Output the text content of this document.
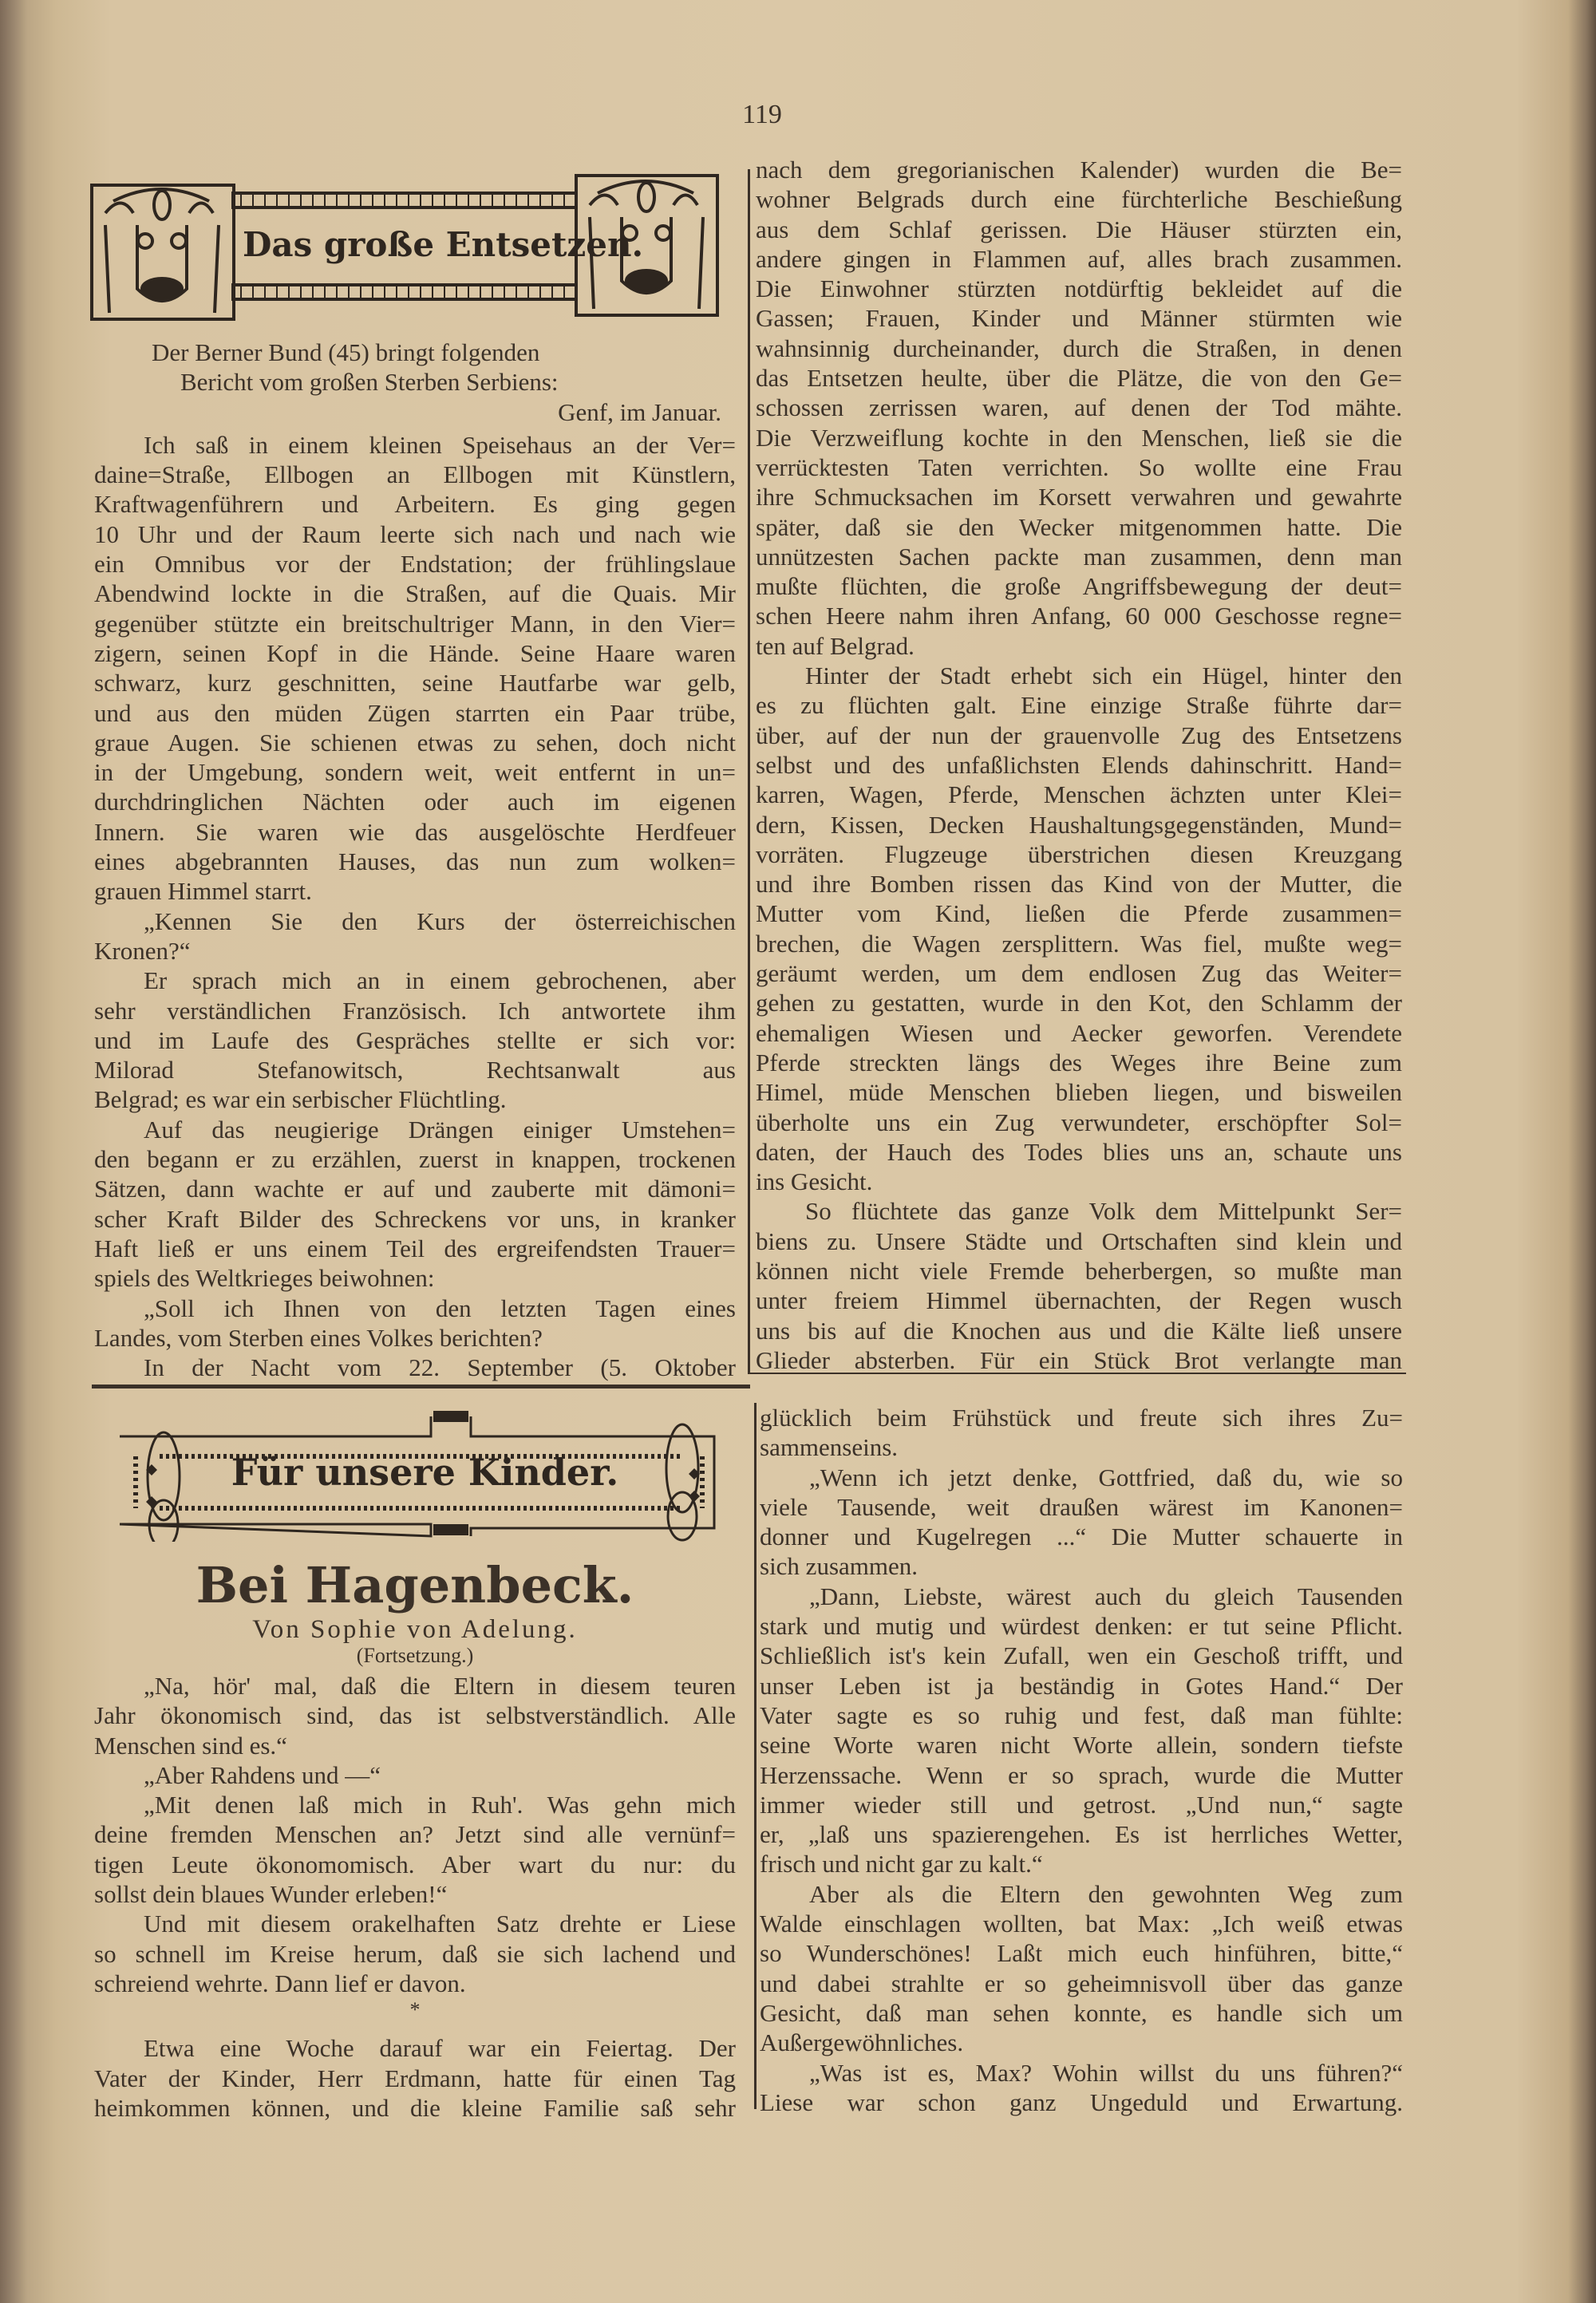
119
Das große Entsetzen.
Der Berner Bund (45) bringt folgenden
Bericht vom großen Sterben Serbiens:
Genf, im Januar.
Ich saß in einem kleinen Speisehaus an der Ver=
daine=Straße, Ellbogen an Ellbogen mit Künstlern,
Kraftwagenführern und Arbeitern. Es ging gegen
10 Uhr und der Raum leerte sich nach und nach wie
ein Omnibus vor der Endstation; der frühlingslaue
Abendwind lockte in die Straßen, auf die Quais. Mir
gegenüber stützte ein breitschultriger Mann, in den Vier=
zigern, seinen Kopf in die Hände. Seine Haare waren
schwarz, kurz geschnitten, seine Hautfarbe war gelb,
und aus den müden Zügen starrten ein Paar trübe,
graue Augen. Sie schienen etwas zu sehen, doch nicht
in der Umgebung, sondern weit, weit entfernt in un=
durchdringlichen Nächten oder auch im eigenen
Innern. Sie waren wie das ausgelöschte Herdfeuer
eines abgebrannten Hauses, das nun zum wolken=
grauen Himmel starrt.
„Kennen Sie den Kurs der österreichischen
Kronen?“
Er sprach mich an in einem gebrochenen, aber
sehr verständlichen Französisch. Ich antwortete ihm
und im Laufe des Gespräches stellte er sich vor:
Milorad Stefanowitsch, Rechtsanwalt aus
Belgrad; es war ein serbischer Flüchtling.
Auf das neugierige Drängen einiger Umstehen=
den begann er zu erzählen, zuerst in knappen, trockenen
Sätzen, dann wachte er auf und zauberte mit dämoni=
scher Kraft Bilder des Schreckens vor uns, in kranker
Haft ließ er uns einem Teil des ergreifendsten Trauer=
spiels des Weltkrieges beiwohnen:
„Soll ich Ihnen von den letzten Tagen eines
Landes, vom Sterben eines Volkes berichten?
In der Nacht vom 22. September (5. Oktober
nach dem gregorianischen Kalender) wurden die Be=
wohner Belgrads durch eine fürchterliche Beschießung
aus dem Schlaf gerissen. Die Häuser stürzten ein,
andere gingen in Flammen auf, alles brach zusammen.
Die Einwohner stürzten notdürftig bekleidet auf die
Gassen; Frauen, Kinder und Männer stürmten wie
wahnsinnig durcheinander, durch die Straßen, in denen
das Entsetzen heulte, über die Plätze, die von den Ge=
schossen zerrissen waren, auf denen der Tod mähte.
Die Verzweiflung kochte in den Menschen, ließ sie die
verrücktesten Taten verrichten. So wollte eine Frau
ihre Schmucksachen im Korsett verwahren und gewahrte
später, daß sie den Wecker mitgenommen hatte. Die
unnützesten Sachen packte man zusammen, denn man
mußte flüchten, die große Angriffsbewegung der deut=
schen Heere nahm ihren Anfang, 60 000 Geschosse regne=
ten auf Belgrad.
Hinter der Stadt erhebt sich ein Hügel, hinter den
es zu flüchten galt. Eine einzige Straße führte dar=
über, auf der nun der grauenvolle Zug des Entsetzens
selbst und des unfaßlichsten Elends dahinschritt. Hand=
karren, Wagen, Pferde, Menschen ächzten unter Klei=
dern, Kissen, Decken Haushaltungsgegenständen, Mund=
vorräten. Flugzeuge überstrichen diesen Kreuzgang
und ihre Bomben rissen das Kind von der Mutter, die
Mutter vom Kind, ließen die Pferde zusammen=
brechen, die Wagen zersplittern. Was fiel, mußte weg=
geräumt werden, um dem endlosen Zug das Weiter=
gehen zu gestatten, wurde in den Kot, den Schlamm der
ehemaligen Wiesen und Aecker geworfen. Verendete
Pferde streckten längs des Weges ihre Beine zum
Himel, müde Menschen blieben liegen, und bisweilen
überholte uns ein Zug verwundeter, erschöpfter Sol=
daten, der Hauch des Todes blies uns an, schaute uns
ins Gesicht.
So flüchtete das ganze Volk dem Mittelpunkt Ser=
biens zu. Unsere Städte und Ortschaften sind klein und
können nicht viele Fremde beherbergen, so mußte man
unter freiem Himmel übernachten, der Regen wusch
uns bis auf die Knochen aus und die Kälte ließ unsere
Glieder absterben. Für ein Stück Brot verlangte man
Für unsere Kinder.
Bei Hagenbeck.
Von Sophie von Adelung.
(Fortsetzung.)
„Na, hör' mal, daß die Eltern in diesem teuren
Jahr ökonomisch sind, das ist selbstverständlich. Alle
Menschen sind es.“
„Aber Rahdens und —“
„Mit denen laß mich in Ruh'. Was gehn mich
deine fremden Menschen an? Jetzt sind alle vernünf=
tigen Leute ökonomomisch. Aber wart du nur: du
sollst dein blaues Wunder erleben!“
Und mit diesem orakelhaften Satz drehte er Liese
so schnell im Kreise herum, daß sie sich lachend und
schreiend wehrte. Dann lief er davon.
*
Etwa eine Woche darauf war ein Feiertag. Der
Vater der Kinder, Herr Erdmann, hatte für einen Tag
heimkommen können, und die kleine Familie saß sehr
glücklich beim Frühstück und freute sich ihres Zu=
sammenseins.
„Wenn ich jetzt denke, Gottfried, daß du, wie so
viele Tausende, weit draußen wärest im Kanonen=
donner und Kugelregen ...“ Die Mutter schauerte in
sich zusammen.
„Dann, Liebste, wärest auch du gleich Tausenden
stark und mutig und würdest denken: er tut seine Pflicht.
Schließlich ist's kein Zufall, wen ein Geschoß trifft, und
unser Leben ist ja beständig in Gotes Hand.“ Der
Vater sagte es so ruhig und fest, daß man fühlte:
seine Worte waren nicht Worte allein, sondern tiefste
Herzenssache. Wenn er so sprach, wurde die Mutter
immer wieder still und getrost. „Und nun,“ sagte
er, „laß uns spazierengehen. Es ist herrliches Wetter,
frisch und nicht gar zu kalt.“
Aber als die Eltern den gewohnten Weg zum
Walde einschlagen wollten, bat Max: „Ich weiß etwas
so Wunderschönes! Laßt mich euch hinführen, bitte,“
und dabei strahlte er so geheimnisvoll über das ganze
Gesicht, daß man sehen konnte, es handle sich um
Außergewöhnliches.
„Was ist es, Max? Wohin willst du uns führen?“
Liese war schon ganz Ungeduld und Erwartung.
